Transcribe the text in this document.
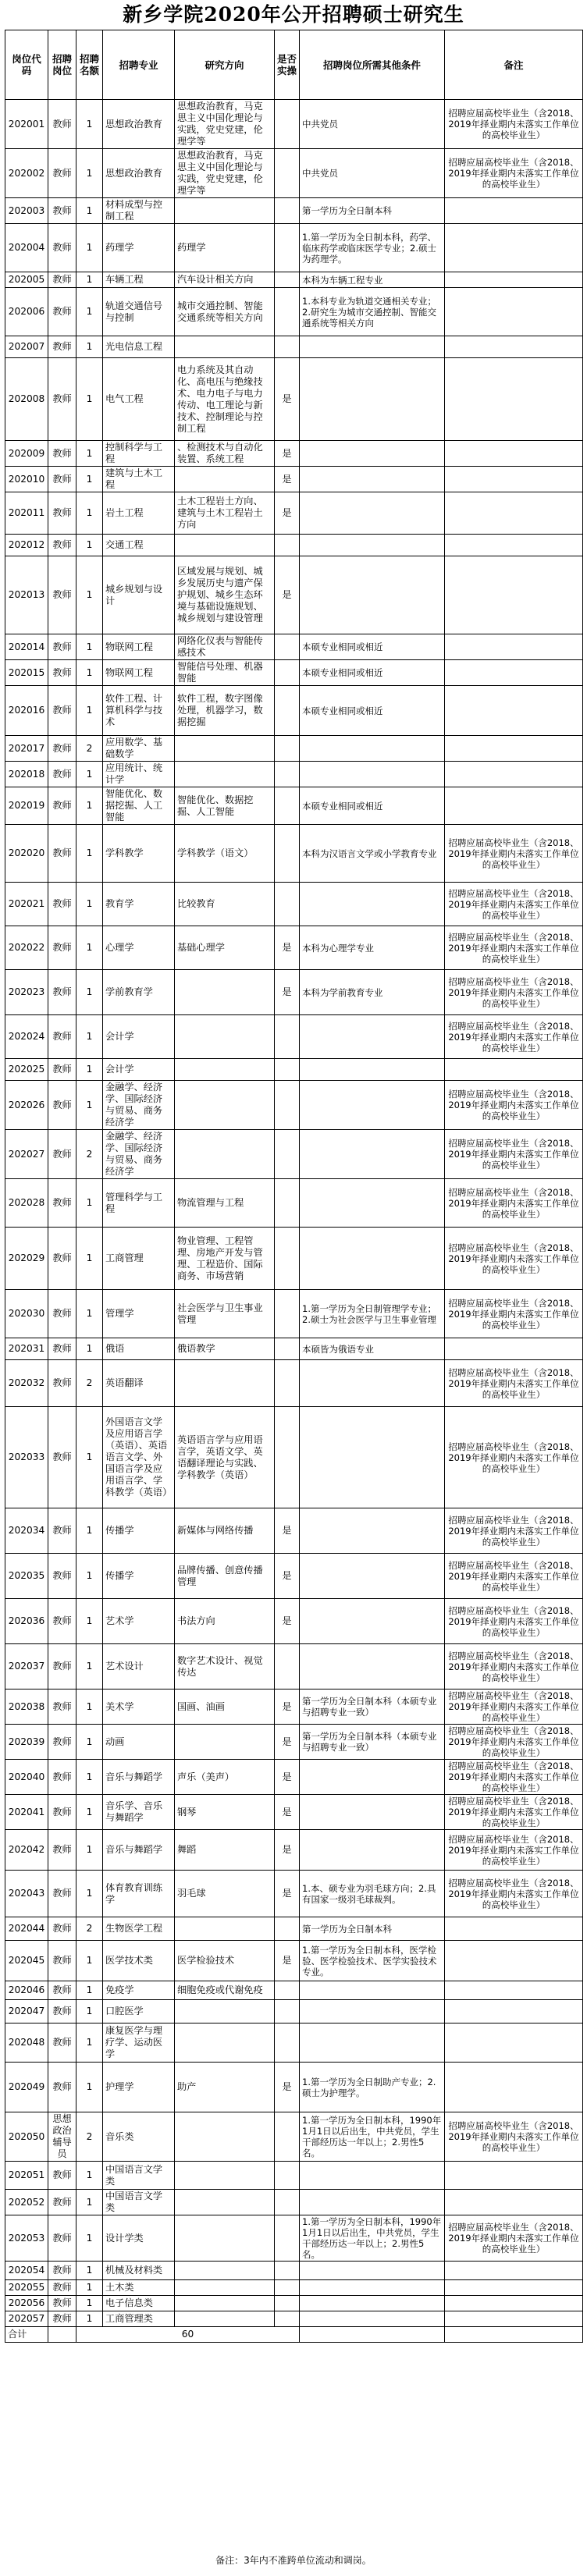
新乡学院2020年公开招聘硕士研究生
岗位代码	招聘岗位	招聘名额	招聘专业	研究方向	是否实操	招聘岗位所需其他条件	备注
202001	教师	1	思想政治教育	思想政治教育，马克思主义中国化理论与实践，党史党建，伦理学等		中共党员	招聘应届高校毕业生（含2018、2019年择业期内未落实工作单位的高校毕业生）
202002	教师	1	思想政治教育	思想政治教育，马克思主义中国化理论与实践，党史党建，伦理学等		中共党员	招聘应届高校毕业生（含2018、2019年择业期内未落实工作单位的高校毕业生）
202003	教师	1	材料成型与控制工程			第一学历为全日制本科	
202004	教师	1	药理学	药理学		1.第一学历为全日制本科，药学、临床药学或临床医学专业；2.硕士为药理学。	
202005	教师	1	车辆工程	汽车设计相关方向		本科为车辆工程专业	
202006	教师	1	轨道交通信号与控制	城市交通控制、智能交通系统等相关方向		1.本科专业为轨道交通相关专业；2.研究生为城市交通控制、智能交通系统等相关方向	
202007	教师	1	光电信息工程				
202008	教师	1	电气工程	电力系统及其自动化、高电压与绝缘技术、电力电子与电力传动、电工理论与新技术、控制理论与控制工程	是		
202009	教师	1	控制科学与工程	、检测技术与自动化装置、系统工程	是		
202010	教师	1	建筑与土木工程		是		
202011	教师	1	岩土工程	土木工程岩土方向、建筑与土木工程岩土方向	是		
202012	教师	1	交通工程				
202013	教师	1	城乡规划与设计	区域发展与规划、城乡发展历史与遗产保护规划、城乡生态环境与基础设施规划、城乡规划与建设管理	是		
202014	教师	1	物联网工程	网络化仪表与智能传感技术		本硕专业相同或相近	
202015	教师	1	物联网工程	智能信号处理、机器智能		本硕专业相同或相近	
202016	教师	1	软件工程、计算机科学与技术	软件工程，数字图像处理，机器学习，数据挖掘		本硕专业相同或相近	
202017	教师	2	应用数学、基础数学				
202018	教师	1	应用统计、统计学				
202019	教师	1	智能优化、数据挖掘、人工智能	智能优化、数据挖掘、人工智能		本硕专业相同或相近	
202020	教师	1	学科教学	学科教学（语文）		本科为汉语言文学或小学教育专业	招聘应届高校毕业生（含2018、2019年择业期内未落实工作单位的高校毕业生）
202021	教师	1	教育学	比较教育			招聘应届高校毕业生（含2018、2019年择业期内未落实工作单位的高校毕业生）
202022	教师	1	心理学	基础心理学	是	本科为心理学专业	招聘应届高校毕业生（含2018、2019年择业期内未落实工作单位的高校毕业生）
202023	教师	1	学前教育学		是	本科为学前教育专业	招聘应届高校毕业生（含2018、2019年择业期内未落实工作单位的高校毕业生）
202024	教师	1	会计学				招聘应届高校毕业生（含2018、2019年择业期内未落实工作单位的高校毕业生）
202025	教师	1	会计学				
202026	教师	1	金融学、经济学、国际经济与贸易、商务经济学				招聘应届高校毕业生（含2018、2019年择业期内未落实工作单位的高校毕业生）
202027	教师	2	金融学、经济学、国际经济与贸易、商务经济学				招聘应届高校毕业生（含2018、2019年择业期内未落实工作单位的高校毕业生）
202028	教师	1	管理科学与工程	物流管理与工程			招聘应届高校毕业生（含2018、2019年择业期内未落实工作单位的高校毕业生）
202029	教师	1	工商管理	物业管理、工程管理、房地产开发与管理、工程造价、国际商务、市场营销			招聘应届高校毕业生（含2018、2019年择业期内未落实工作单位的高校毕业生）
202030	教师	1	管理学	社会医学与卫生事业管理		1.第一学历为全日制管理学专业；2.硕士为社会医学与卫生事业管理	招聘应届高校毕业生（含2018、2019年择业期内未落实工作单位的高校毕业生）
202031	教师	1	俄语	俄语教学		本硕皆为俄语专业	
202032	教师	2	英语翻译				招聘应届高校毕业生（含2018、2019年择业期内未落实工作单位的高校毕业生）
202033	教师	1	外国语言文学及应用语言学（英语）、英语语言文学、外国语言学及应用语言学、学科教学（英语）	英语语言学与应用语言学，英语文学、英语翻译理论与实践、学科教学（英语）			招聘应届高校毕业生（含2018、2019年择业期内未落实工作单位的高校毕业生）
202034	教师	1	传播学	新媒体与网络传播	是		招聘应届高校毕业生（含2018、2019年择业期内未落实工作单位的高校毕业生）
202035	教师	1	传播学	品牌传播、创意传播管理	是		招聘应届高校毕业生（含2018、2019年择业期内未落实工作单位的高校毕业生）
202036	教师	1	艺术学	书法方向	是		招聘应届高校毕业生（含2018、2019年择业期内未落实工作单位的高校毕业生）
202037	教师	1	艺术设计	数字艺术设计、视觉传达			招聘应届高校毕业生（含2018、2019年择业期内未落实工作单位的高校毕业生）
202038	教师	1	美术学	国画、油画	是	第一学历为全日制本科（本硕专业与招聘专业一致）	招聘应届高校毕业生（含2018、2019年择业期内未落实工作单位的高校毕业生）
202039	教师	1	动画		是	第一学历为全日制本科（本硕专业与招聘专业一致）	招聘应届高校毕业生（含2018、2019年择业期内未落实工作单位的高校毕业生）
202040	教师	1	音乐与舞蹈学	声乐（美声）	是		招聘应届高校毕业生（含2018、2019年择业期内未落实工作单位的高校毕业生）
202041	教师	1	音乐学、音乐与舞蹈学	钢琴	是		招聘应届高校毕业生（含2018、2019年择业期内未落实工作单位的高校毕业生）
202042	教师	1	音乐与舞蹈学	舞蹈	是		招聘应届高校毕业生（含2018、2019年择业期内未落实工作单位的高校毕业生）
202043	教师	1	体育教育训练学	羽毛球	是	1.本、硕专业为羽毛球方向；2.具有国家一级羽毛球裁判。	招聘应届高校毕业生（含2018、2019年择业期内未落实工作单位的高校毕业生）
202044	教师	2	生物医学工程			第一学历为全日制本科	
202045	教师	1	医学技术类	医学检验技术	是	1.第一学历为全日制本科，医学检验、医学检验技术、医学实验技术专业。	
202046	教师	1	免疫学	细胞免疫或代谢免疫			
202047	教师	1	口腔医学				
202048	教师	1	康复医学与理疗学、运动医学				
202049	教师	1	护理学	助产	是	1.第一学历为全日制助产专业；2.硕士为护理学。	
202050	思想政治辅导员	2	音乐类			1.第一学历为全日制本科，1990年1月1日以后出生，中共党员，学生干部经历达一年以上；2.男性5名。	招聘应届高校毕业生（含2018、2019年择业期内未落实工作单位的高校毕业生）
202051	教师	1	中国语言文学类				
202052	教师	1	中国语言文学类				
202053	教师	1	设计学类			1.第一学历为全日制本科，1990年1月1日以后出生，中共党员，学生干部经历达一年以上；2.男性5名。	招聘应届高校毕业生（含2018、2019年择业期内未落实工作单位的高校毕业生）
202054	教师	1	机械及材料类				
202055	教师	1	土木类				
202056	教师	1	电子信息类				
202057	教师	1	工商管理类				
合计		60					
备注：3年内不准跨单位流动和调岗。
